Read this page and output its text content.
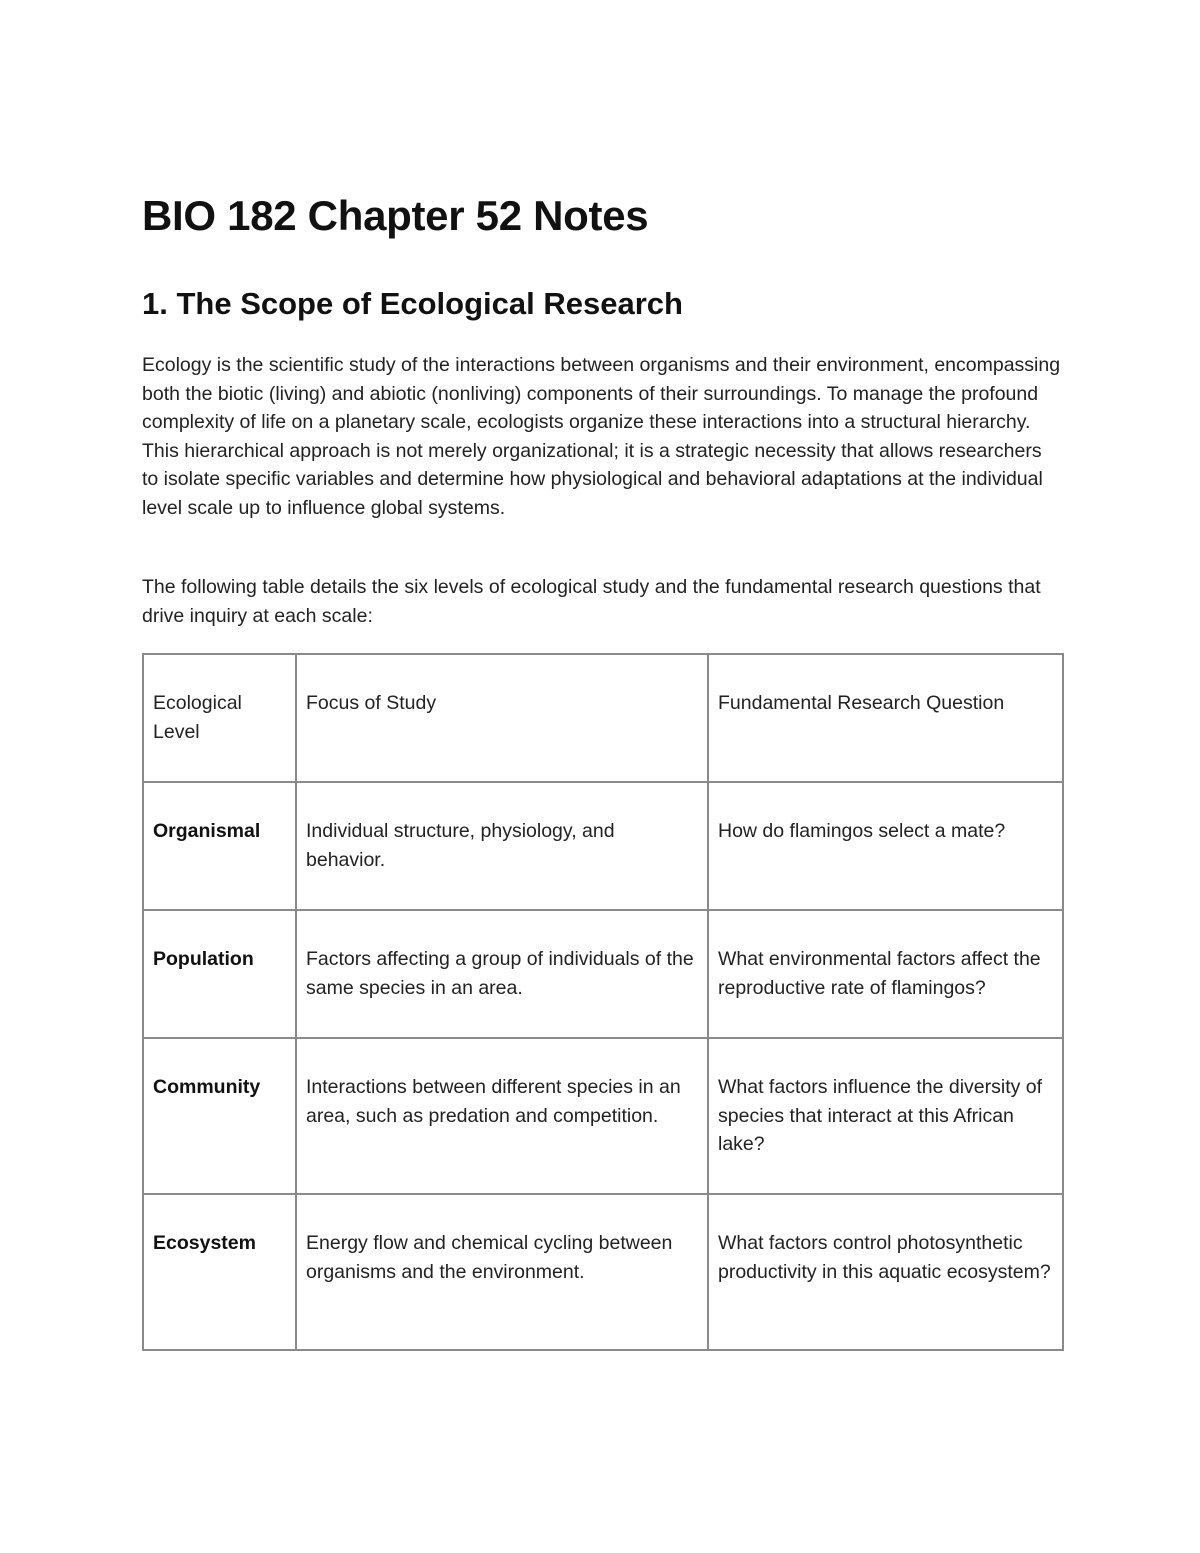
BIO 182 Chapter 52 Notes
1. The Scope of Ecological Research

Ecology is the scientific study of the interactions between organisms and their environment, encompassing both the biotic (living) and abiotic (nonliving) components of their surroundings. To manage the profound complexity of life on a planetary scale, ecologists organize these interactions into a structural hierarchy. This hierarchical approach is not merely organizational; it is a strategic necessity that allows researchers to isolate specific variables and determine how physiological and behavioral adaptations at the individual level scale up to influence global systems.

The following table details the six levels of ecological study and the fundamental research questions that drive inquiry at each scale:

Ecological Level	Focus of Study	Fundamental Research Question
Organismal	Individual structure, physiology, and behavior.	How do flamingos select a mate?
Population	Factors affecting a group of individuals of the same species in an area.	What environmental factors affect the reproductive rate of flamingos?
Community	Interactions between different species in an area, such as predation and competition.	What factors influence the diversity of species that interact at this African lake?
Ecosystem	Energy flow and chemical cycling between organisms and the environment.	What factors control photosynthetic productivity in this aquatic ecosystem?
